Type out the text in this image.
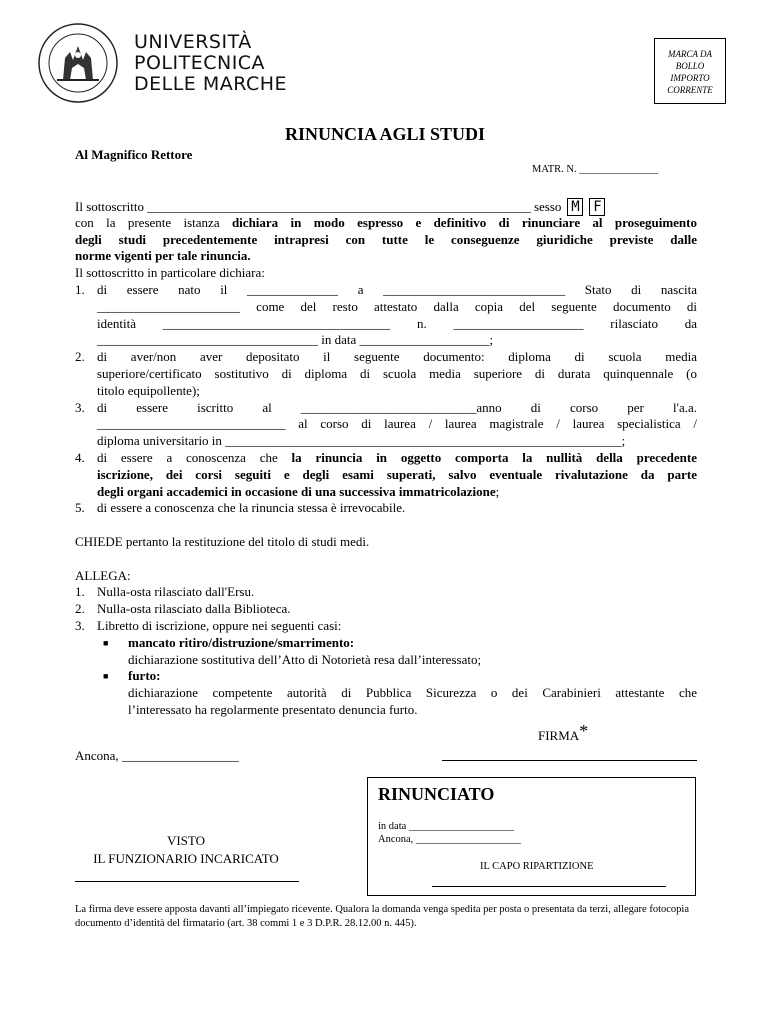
UNIVERSITÀ
POLITECNICA
DELLE MARCHE
MARCA DA
BOLLO
IMPORTO
CORRENTE
RINUNCIA AGLI STUDI
Al Magnifico Rettore
MATR. N. _______________
Il sottoscritto ___________________________________________________________ sesso M F
con la presente istanza dichiara in modo espresso e definitivo di rinunciare al proseguimento
degli studi precedentemente intrapresi con tutte le conseguenze giuridiche previste dalle
norme vigenti per tale rinuncia.
Il sottoscritto in particolare dichiara:
1. di essere nato il ______________ a ____________________________ Stato di nascita
______________________ come del resto attestato dalla copia del seguente documento di
identità ___________________________________ n. ____________________ rilasciato da
__________________________________ in data ____________________;
2. di aver/non aver depositato il seguente documento: diploma di scuola media
superiore/certificato sostitutivo di diploma di scuola media superiore di durata quinquennale (o
titolo equipollente);
3. di essere iscritto al ___________________________anno di corso per l'a.a.
_____________________________ al corso di laurea / laurea magistrale / laurea specialistica /
diploma universitario in _____________________________________________________________;
4. di essere a conoscenza che la rinuncia in oggetto comporta la nullità della precedente
iscrizione, dei corsi seguiti e degli esami superati, salvo eventuale rivalutazione da parte
degli organi accademici in occasione di una successiva immatricolazione;
5. di essere a conoscenza che la rinuncia stessa è irrevocabile.
CHIEDE pertanto la restituzione del titolo di studi medi.
ALLEGA:
1. Nulla-osta rilasciato dall'Ersu.
2. Nulla-osta rilasciato dalla Biblioteca.
3. Libretto di iscrizione, oppure nei seguenti casi:
■	mancato ritiro/distruzione/smarrimento:
dichiarazione sostitutiva dell’Atto di Notorietà resa dall’interessato;
■	furto:
dichiarazione competente autorità di Pubblica Sicurezza o dei Carabinieri attestante che
l’interessato ha regolarmente presentato denuncia furto.
FIRMA*
Ancona, __________________
RINUNCIATO
in data ____________________
Ancona, ____________________
IL CAPO RIPARTIZIONE
VISTO
IL FUNZIONARIO INCARICATO
La firma deve essere apposta davanti all’impiegato ricevente. Qualora la domanda venga spedita per posta o presentata da terzi, allegare fotocopia documento d’identità del firmatario (art. 38 commi 1 e 3 D.P.R. 28.12.00 n. 445).
